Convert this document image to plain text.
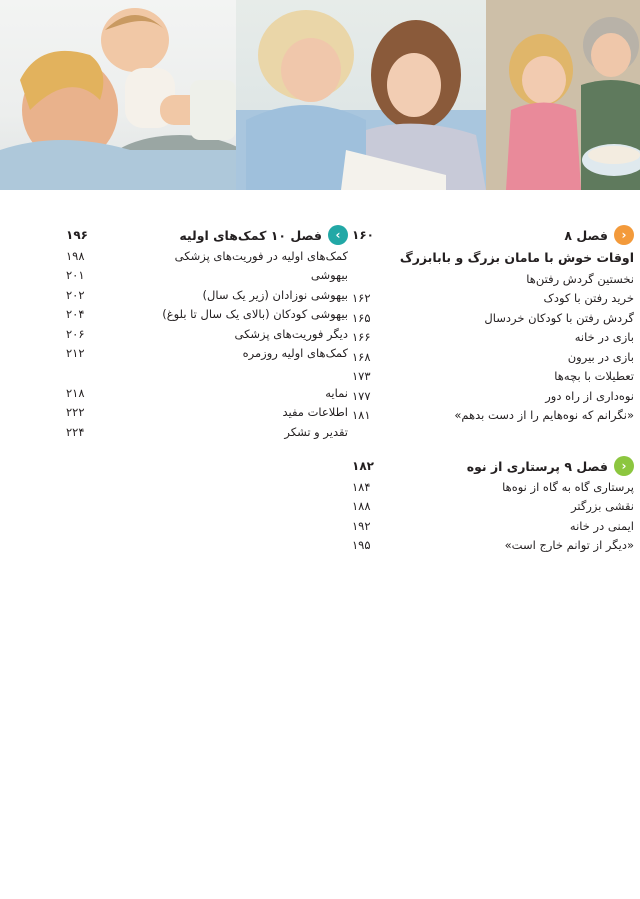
‹
فصل ۸
۱۶۰
اوقات خوش با مامان بزرگ و بابابزرگ
نخستین گردش رفتن‌ها
خرید رفتن با کودک
۱۶۲
گردش رفتن با کودکان خردسال
۱۶۵
بازی در خانه
۱۶۶
بازی در بیرون
۱۶۸
تعطیلات با بچه‌ها
۱۷۳
نوه‌داری از راه دور
۱۷۷
«نگرانم که نوه‌هایم را از دست بدهم»
۱۸۱
‹
فصل ۹ پرستاری از نوه
۱۸۲
پرستاری گاه به گاه از نوه‌ها
۱۸۴
نقشی بزرگتر
۱۸۸
ایمنی در خانه
۱۹۲
«دیگر از توانم خارج است»
۱۹۵
›
فصل ۱۰ کمک‌های اولیه
۱۹۶
کمک‌های اولیه در فوریت‌های پزشکی
۱۹۸
بیهوشی
۲۰۱
بیهوشی نوزادان (زیر یک سال)
۲۰۲
بیهوشی کودکان (بالای یک سال تا بلوغ)
۲۰۴
دیگر فوریت‌های پزشکی
۲۰۶
کمک‌های اولیه روزمره
۲۱۲
نمایه
۲۱۸
اطلاعات مفید
۲۲۲
تقدیر و تشکر
۲۲۴
